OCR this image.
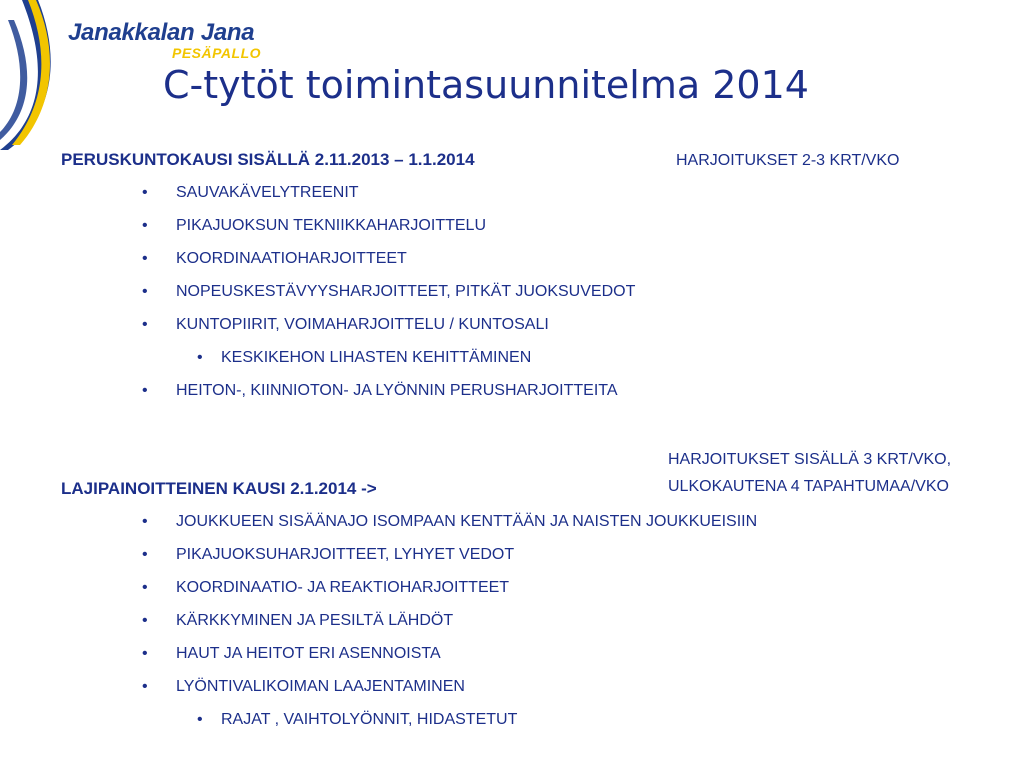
Janakkalan Jana
PESÄPALLO
C-tytöt toimintasuunnitelma 2014

PERUSKUNTOKAUSI SISÄLLÄ 2.11.2013 – 1.1.2014	HARJOITUKSET 2-3 KRT/VKO

• SAUVAKÄVELYTREENIT
• PIKAJUOKSUN TEKNIIKKAHARJOITTELU
• KOORDINAATIOHARJOITTEET
• NOPEUSKESTÄVYYSHARJOITTEET, PITKÄT JUOKSUVEDOT
• KUNTOPIIRIT, VOIMAHARJOITTELU / KUNTOSALI
• KESKIKEHON LIHASTEN KEHITTÄMINEN
• HEITON-, KIINNIOTON- JA LYÖNNIN PERUSHARJOITTEITA

HARJOITUKSET SISÄLLÄ 3 KRT/VKO,

ULKOKAUTENA 4 TAPAHTUMAA/VKO

LAJIPAINOITTEINEN KAUSI 2.1.2014 ->

• JOUKKUEEN SISÄÄNAJO ISOMPAAN KENTTÄÄN JA NAISTEN JOUKKUEISIIN
• PIKAJUOKSUHARJOITTEET, LYHYET VEDOT
• KOORDINAATIO- JA REAKTIOHARJOITTEET
• KÄRKKYMINEN JA PESILTÄ LÄHDÖT
• HAUT JA HEITOT ERI ASENNOISTA
• LYÖNTIVALIKOIMAN LAAJENTAMINEN
• RAJAT , VAIHTOLYÖNNIT, HIDASTETUT
